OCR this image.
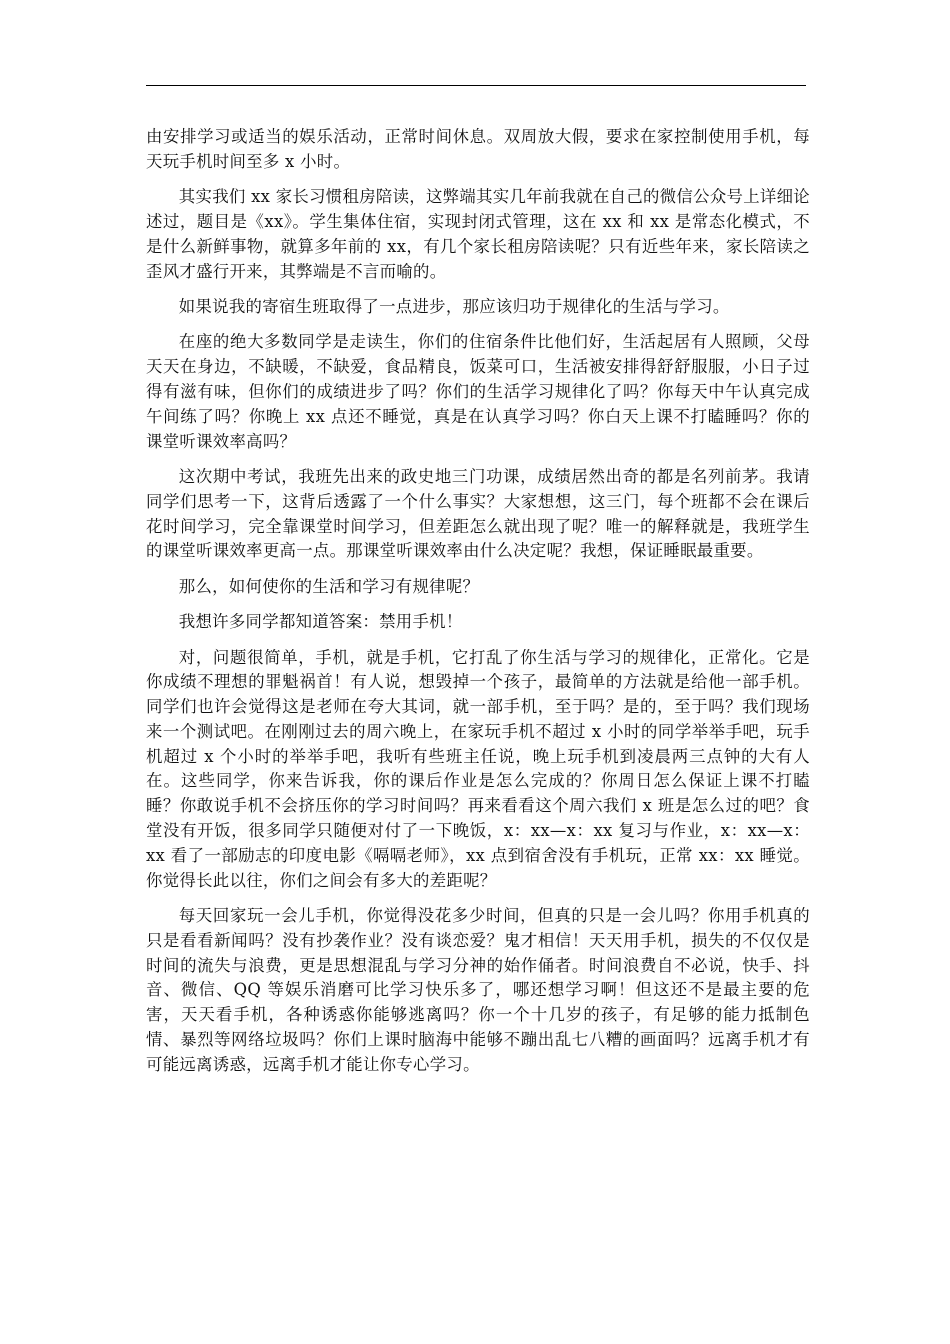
由安排学习或适当的娱乐活动，正常时间休息。双周放大假，要求在家控制使用手机，每天玩手机时间至多 x 小时。

其实我们 xx 家长习惯租房陪读，这弊端其实几年前我就在自己的微信公众号上详细论述过，题目是《xx》。学生集体住宿，实现封闭式管理，这在 xx 和 xx 是常态化模式，不是什么新鲜事物，就算多年前的 xx，有几个家长租房陪读呢？只有近些年来，家长陪读之歪风才盛行开来，其弊端是不言而喻的。

如果说我的寄宿生班取得了一点进步，那应该归功于规律化的生活与学习。

在座的绝大多数同学是走读生，你们的住宿条件比他们好，生活起居有人照顾，父母天天在身边，不缺暖，不缺爱，食品精良，饭菜可口，生活被安排得舒舒服服，小日子过得有滋有味，但你们的成绩进步了吗？你们的生活学习规律化了吗？你每天中午认真完成午间练了吗？你晚上 xx 点还不睡觉，真是在认真学习吗？你白天上课不打瞌睡吗？你的课堂听课效率高吗？

这次期中考试，我班先出来的政史地三门功课，成绩居然出奇的都是名列前茅。我请同学们思考一下，这背后透露了一个什么事实？大家想想，这三门，每个班都不会在课后花时间学习，完全靠课堂时间学习，但差距怎么就出现了呢？唯一的解释就是，我班学生的课堂听课效率更高一点。那课堂听课效率由什么决定呢？我想，保证睡眠最重要。

那么，如何使你的生活和学习有规律呢？

我想许多同学都知道答案：禁用手机！

对，问题很简单，手机，就是手机，它打乱了你生活与学习的规律化，正常化。它是你成绩不理想的罪魁祸首！有人说，想毁掉一个孩子，最简单的方法就是给他一部手机。同学们也许会觉得这是老师在夸大其词，就一部手机，至于吗？是的，至于吗？我们现场来一个测试吧。在刚刚过去的周六晚上，在家玩手机不超过 x 小时的同学举举手吧，玩手机超过 x 个小时的举举手吧，我听有些班主任说，晚上玩手机到凌晨两三点钟的大有人在。这些同学，你来告诉我，你的课后作业是怎么完成的？你周日怎么保证上课不打瞌睡？你敢说手机不会挤压你的学习时间吗？再来看看这个周六我们 x 班是怎么过的吧？食堂没有开饭，很多同学只随便对付了一下晚饭，x：xx—x：xx 复习与作业，x：xx—x：xx 看了一部励志的印度电影《嗝嗝老师》，xx 点到宿舍没有手机玩，正常 xx：xx 睡觉。你觉得长此以往，你们之间会有多大的差距呢？

每天回家玩一会儿手机，你觉得没花多少时间，但真的只是一会儿吗？你用手机真的只是看看新闻吗？没有抄袭作业？没有谈恋爱？鬼才相信！天天用手机，损失的不仅仅是时间的流失与浪费，更是思想混乱与学习分神的始作俑者。时间浪费自不必说，快手、抖音、微信、QQ 等娱乐消磨可比学习快乐多了，哪还想学习啊！但这还不是最主要的危害，天天看手机，各种诱惑你能够逃离吗？你一个十几岁的孩子，有足够的能力抵制色情、暴烈等网络垃圾吗？你们上课时脑海中能够不蹦出乱七八糟的画面吗？远离手机才有可能远离诱惑，远离手机才能让你专心学习。
